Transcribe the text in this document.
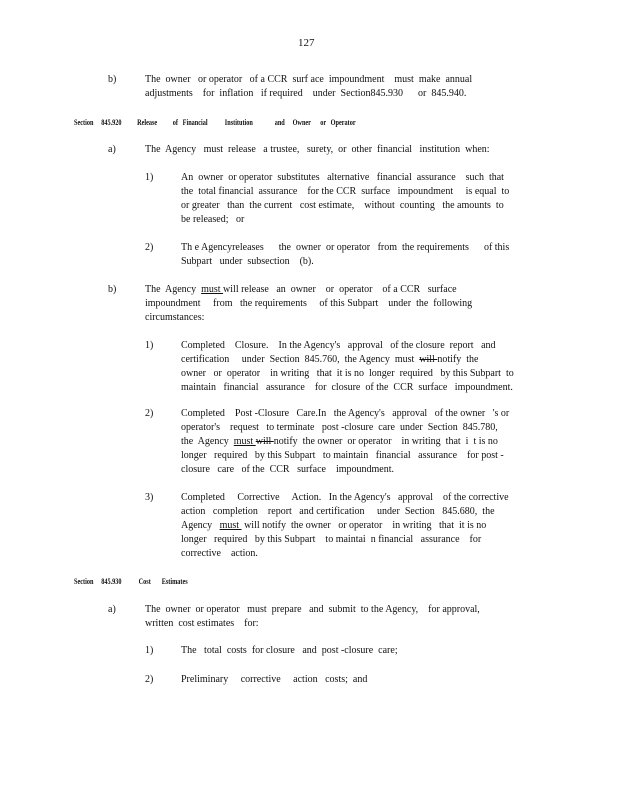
127
b)	The  owner   or operator   of a CCR  surf ace  impoundment    must  make  annual
adjustments    for  inflation   if required    under  Section845.930      or  845.940.
Section     845.920          Release          of   Financial           Institution              and     Owner      or   Operator
a)	The  Agency   must  release   a trustee,   surety,  or  other  financial   institution  when:
1)	An  owner  or operator  substitutes   alternative   financial  assurance    such  that
the  total financial  assurance    for the CCR  surface   impoundment     is equal  to
or greater   than  the current   cost estimate,    without  counting   the amounts  to
be released;   or
2)	Th e Agencyreleases      the  owner  or operator   from  the requirements      of this
Subpart   under  subsection    (b).
b)	The  Agency  must will release   an  owner    or  operator    of a CCR   surface
impoundment     from   the requirements     of this Subpart    under  the  following
circumstances:
1)	Completed    Closure.    In the Agency's   approval   of the closure  report   and
certification     under  Section  845.760,  the Agency  must  will notify  the
owner   or  operator    in writing   that  it is no  longer  required   by this Subpart  to
maintain   financial   assurance    for  closure  of the  CCR  surface   impoundment.
2)	Completed    Post -Closure   Care.In   the Agency's   approval   of the owner   's or
operator's    request   to terminate   post -closure  care  under  Section  845.780,
the  Agency  must will notify  the owner  or operator    in writing  that  i  t is no
longer   required   by this Subpart   to maintain   financial   assurance    for post -
closure   care   of the  CCR   surface    impoundment.
3)	Completed     Corrective     Action.   In the Agency's   approval    of the corrective
action   completion    report   and certification     under  Section   845.680,  the
Agency   must  will notify  the owner   or operator    in writing   that  it is no
longer   required   by this Subpart    to maintai  n financial   assurance    for
corrective    action.
Section     845.930           Cost       Estimates
a)	The  owner  or operator   must  prepare   and  submit  to the Agency,    for approval,
written  cost estimates    for:
1)	The   total  costs  for closure   and  post -closure  care;
2)	Preliminary     corrective     action   costs;  and
